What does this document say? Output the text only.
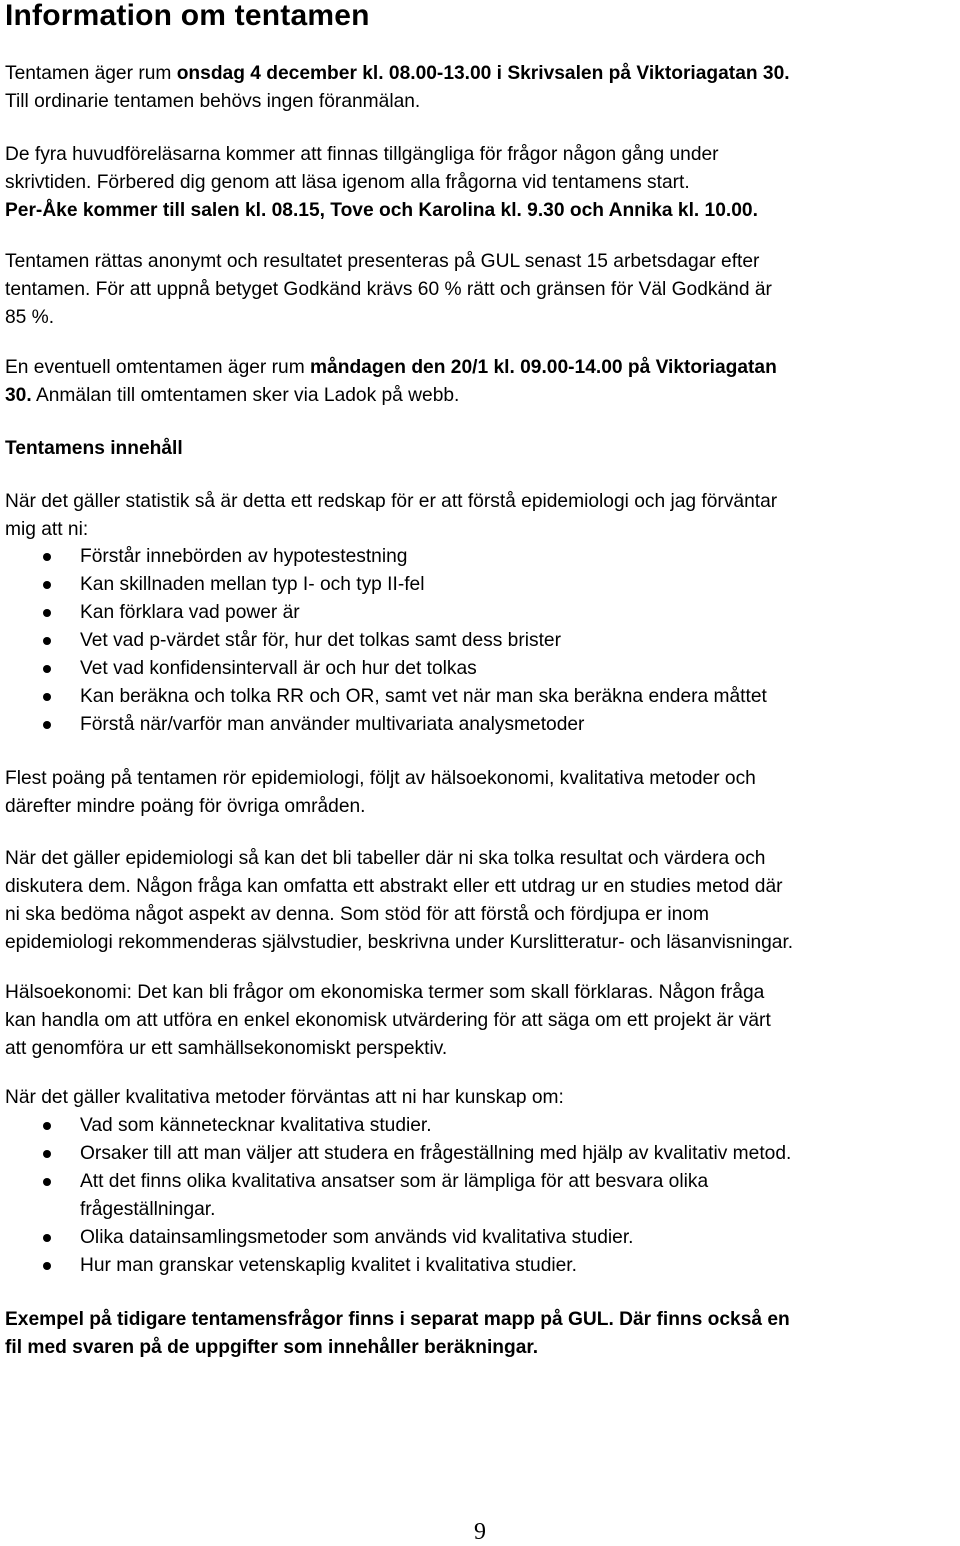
Information om tentamen

Tentamen äger rum onsdag 4 december kl. 08.00-13.00 i Skrivsalen på Viktoriagatan 30.
Till ordinarie tentamen behövs ingen föranmälan.

De fyra huvudföreläsarna kommer att finnas tillgängliga för frågor någon gång under
skrivtiden. Förbered dig genom att läsa igenom alla frågorna vid tentamens start.
Per-Åke kommer till salen kl. 08.15, Tove och Karolina kl. 9.30 och Annika kl. 10.00.

Tentamen rättas anonymt och resultatet presenteras på GUL senast 15 arbetsdagar efter
tentamen. För att uppnå betyget Godkänd krävs 60 % rätt och gränsen för Väl Godkänd är
85 %.

En eventuell omtentamen äger rum måndagen den 20/1 kl. 09.00-14.00 på Viktoriagatan
30. Anmälan till omtentamen sker via Ladok på webb.

Tentamens innehåll

När det gäller statistik så är detta ett redskap för er att förstå epidemiologi och jag förväntar
mig att ni:

Förstår innebörden av hypotestestning
Kan skillnaden mellan typ I- och typ II-fel
Kan förklara vad power är
Vet vad p-värdet står för, hur det tolkas samt dess brister
Vet vad konfidensintervall är och hur det tolkas
Kan beräkna och tolka RR och OR, samt vet när man ska beräkna endera måttet
Förstå när/varför man använder multivariata analysmetoder

Flest poäng på tentamen rör epidemiologi, följt av hälsoekonomi, kvalitativa metoder och
därefter mindre poäng för övriga områden.

När det gäller epidemiologi så kan det bli tabeller där ni ska tolka resultat och värdera och
diskutera dem. Någon fråga kan omfatta ett abstrakt eller ett utdrag ur en studies metod där
ni ska bedöma något aspekt av denna. Som stöd för att förstå och fördjupa er inom
epidemiologi rekommenderas självstudier, beskrivna under Kurslitteratur- och läsanvisningar.

Hälsoekonomi: Det kan bli frågor om ekonomiska termer som skall förklaras. Någon fråga
kan handla om att utföra en enkel ekonomisk utvärdering för att säga om ett projekt är värt
att genomföra ur ett samhällsekonomiskt perspektiv.

När det gäller kvalitativa metoder förväntas att ni har kunskap om:

Vad som kännetecknar kvalitativa studier.
Orsaker till att man väljer att studera en frågeställning med hjälp av kvalitativ metod.
Att det finns olika kvalitativa ansatser som är lämpliga för att besvara olika
frågeställningar.
Olika datainsamlingsmetoder som används vid kvalitativa studier.
Hur man granskar vetenskaplig kvalitet i kvalitativa studier.

Exempel på tidigare tentamensfrågor finns i separat mapp på GUL. Där finns också en
fil med svaren på de uppgifter som innehåller beräkningar.

9
